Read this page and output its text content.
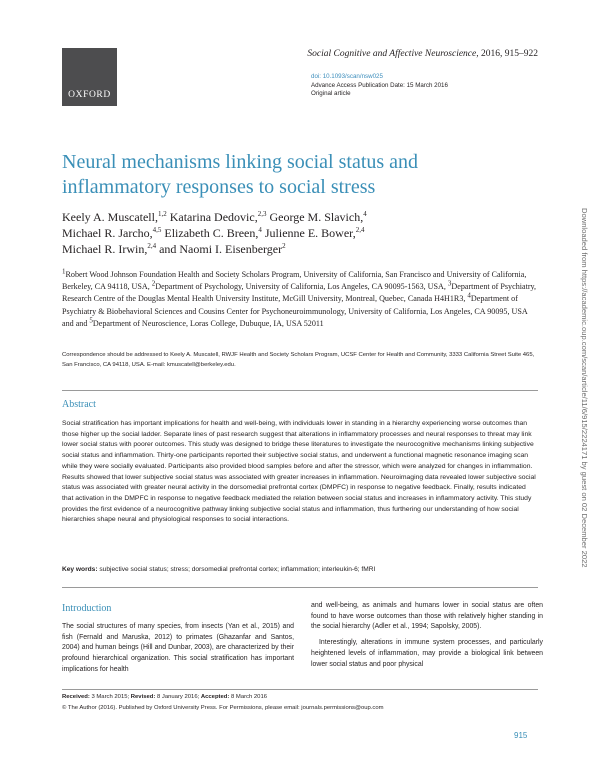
OXFORD
Social Cognitive and Affective Neuroscience, 2016, 915–922
doi: 10.1093/scan/nsw025
Advance Access Publication Date: 15 March 2016
Original article
Neural mechanisms linking social status and inflammatory responses to social stress
Keely A. Muscatell,$^{1,2}$ Katarina Dedovic,$^{2,3}$ George M. Slavich,$^4$
Michael R. Jarcho,$^{4,5}$ Elizabeth C. Breen,$^4$ Julienne E. Bower,$^{2,4}$
Michael R. Irwin,$^{2,4}$ and Naomi I. Eisenberger$^2$
$^1$Robert Wood Johnson Foundation Health and Society Scholars Program, University of California, San Francisco and University of California, Berkeley, CA 94118, USA, $^2$Department of Psychology, University of California, Los Angeles, CA 90095-1563, USA, $^3$Department of Psychiatry, Research Centre of the Douglas Mental Health University Institute, McGill University, Montreal, Quebec, Canada H4H1R3, $^4$Department of Psychiatry & Biobehavioral Sciences and Cousins Center for Psychoneuroimmunology, University of California, Los Angeles, CA 90095, USA and and $^5$Department of Neuroscience, Loras College, Dubuque, IA, USA 52011
Correspondence should be addressed to Keely A. Muscatell, RWJF Health and Society Scholars Program, UCSF Center for Health and Community, 3333 California Street Suite 465, San Francisco, CA 94118, USA. E-mail: kmuscatell@berkeley.edu.
Abstract
Social stratification has important implications for health and well-being, with individuals lower in standing in a hierarchy experiencing worse outcomes than those higher up the social ladder. Separate lines of past research suggest that alterations in inflammatory processes and neural responses to threat may link lower social status with poorer outcomes. This study was designed to bridge these literatures to investigate the neurocognitive mechanisms linking subjective social status and inflammation. Thirty-one participants reported their subjective social status, and underwent a functional magnetic resonance imaging scan while they were socially evaluated. Participants also provided blood samples before and after the stressor, which were analyzed for changes in inflammation. Results showed that lower subjective social status was associated with greater increases in inflammation. Neuroimaging data revealed lower subjective social status was associated with greater neural activity in the dorsomedial prefrontal cortex (DMPFC) in response to negative feedback. Finally, results indicated that activation in the DMPFC in response to negative feedback mediated the relation between social status and increases in inflammatory activity. This study provides the first evidence of a neurocognitive pathway linking subjective social status and inflammation, thus furthering our understanding of how social hierarchies shape neural and physiological responses to social interactions.
Key words: subjective social status; stress; dorsomedial prefrontal cortex; inflammation; interleukin-6; fMRI
Introduction

The social structures of many species, from insects (Yan et al., 2015) and fish (Fernald and Maruska, 2012) to primates (Ghazanfar and Santos, 2004) and human beings (Hill and Dunbar, 2003), are characterized by their profound hierarchical organization. This social stratification has important implications for health

and well-being, as animals and humans lower in social status are often found to have worse outcomes than those with relatively higher standing in the social hierarchy (Adler et al., 1994; Sapolsky, 2005).

Interestingly, alterations in immune system processes, and particularly heightened levels of inflammation, may provide a biological link between lower social status and poor physical

Received: 3 March 2015; Revised: 8 January 2016; Accepted: 8 March 2016
© The Author (2016). Published by Oxford University Press. For Permissions, please email: journals.permissions@oup.com
915
Downloaded from https://academic.oup.com/scan/article/11/6/915/2224171 by guest on 02 December 2022
